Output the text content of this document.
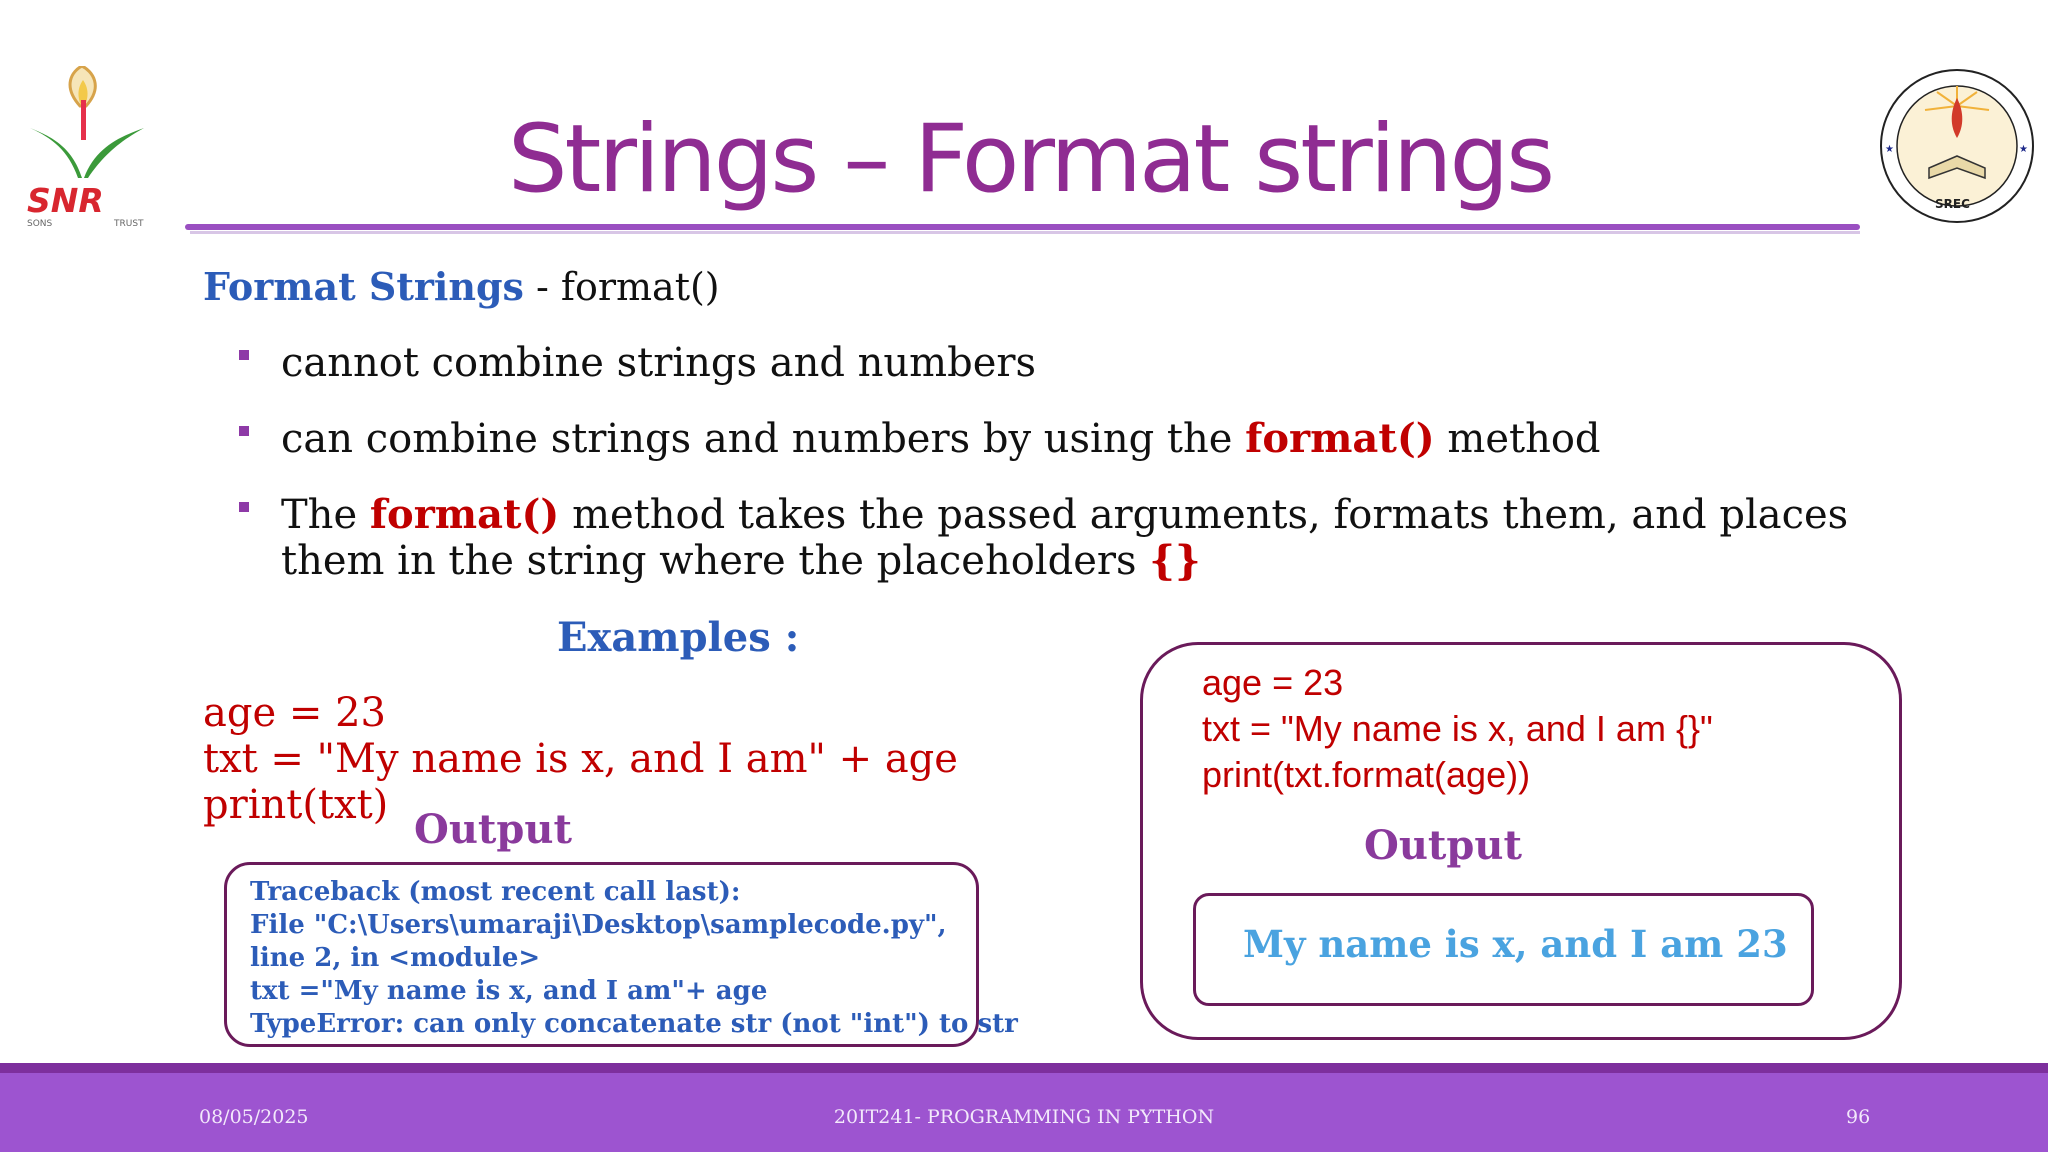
SNR
SONS	TRUST
SREC
★	★
Strings – Format strings
Format Strings - format()
cannot combine strings and numbers
can combine strings and numbers by using the format() method
The format() method takes the passed arguments, formats them, and places them in the string where the placeholders {}
Examples :
age = 23
txt = "My name is x, and I am" + age
print(txt)
Output
Traceback (most recent call last):
File "C:\Users\umaraji\Desktop\samplecode.py",
line 2, in <module>
txt ="My name is x, and I am"+ age
TypeError: can only concatenate str (not "int") to str
age = 23
txt = "My name is x, and I am {}"
print(txt.format(age))
Output
My name is x, and I am 23
08/05/2025	20IT241- PROGRAMMING IN PYTHON	96
